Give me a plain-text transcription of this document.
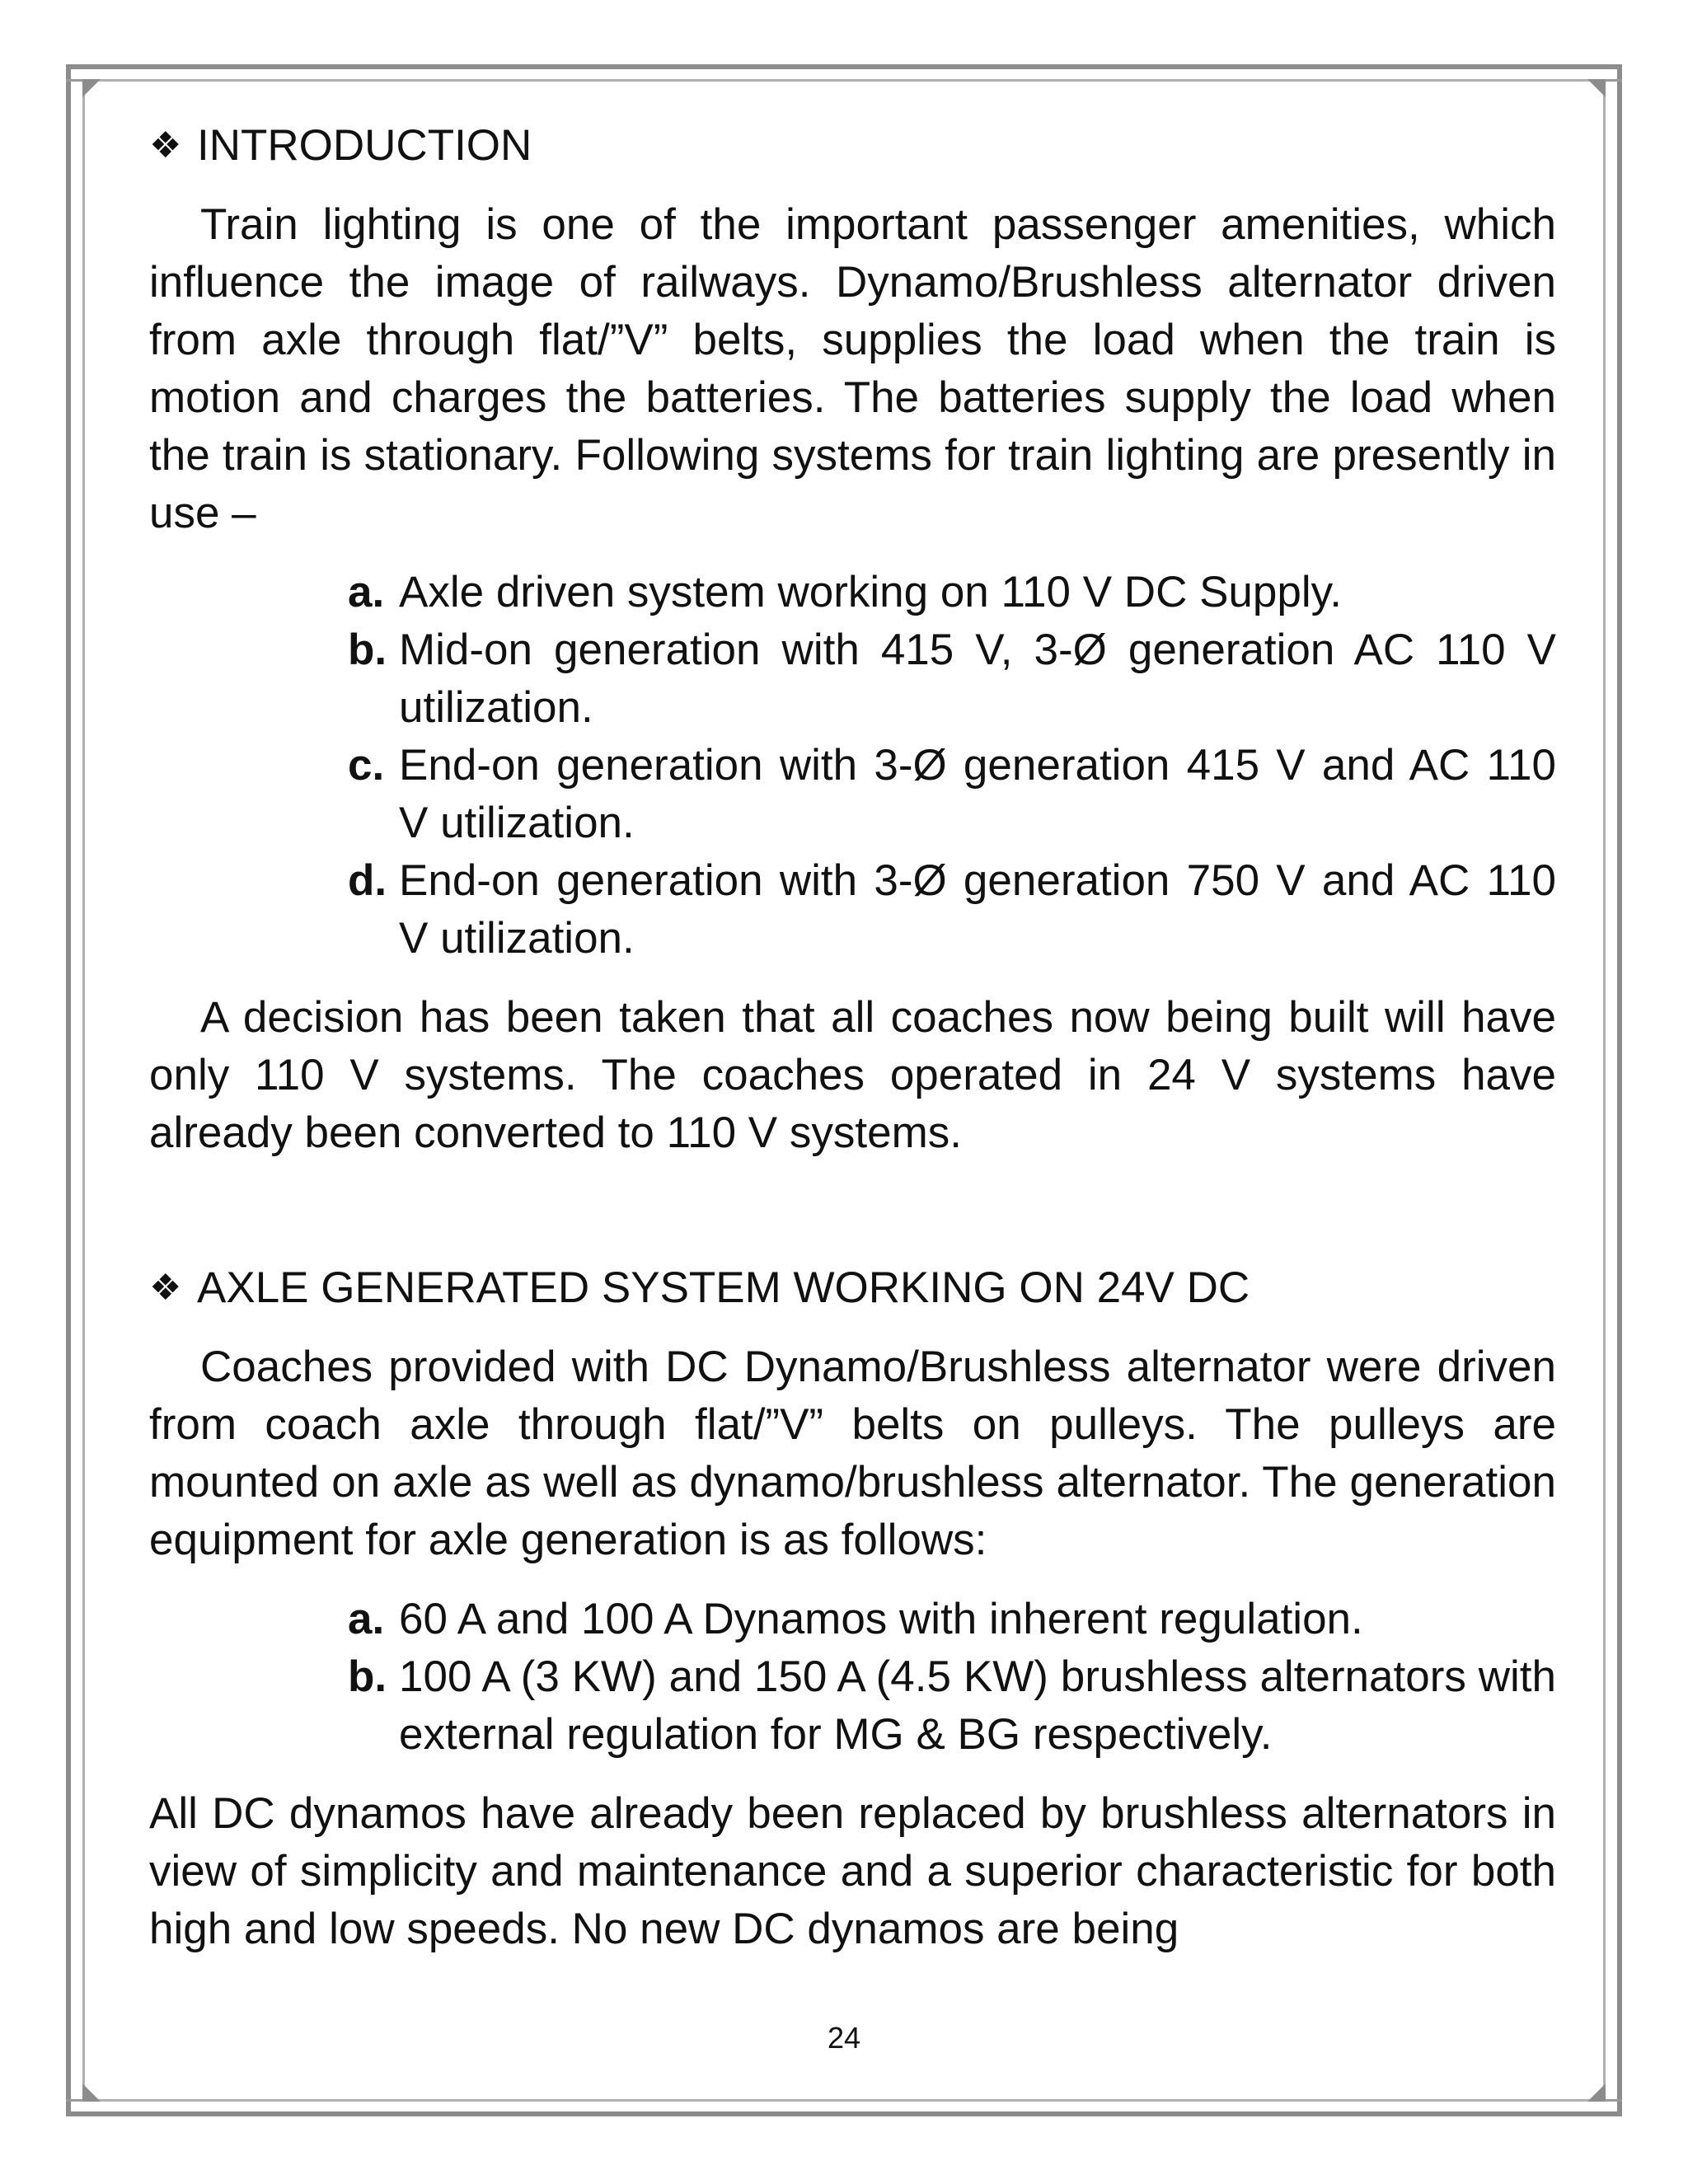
❖ INTRODUCTION

Train lighting is one of the important passenger amenities, which influence the image of railways. Dynamo/Brushless alternator driven from axle through flat/”V” belts, supplies the load when the train is motion and charges the batteries. The batteries supply the load when the train is stationary. Following systems for train lighting are presently in use –

a. Axle driven system working on 110 V DC Supply.
b. Mid-on generation with 415 V, 3-Ø generation AC 110 V utilization.
c. End-on generation with 3-Ø generation 415 V and AC 110 V utilization.
d. End-on generation with 3-Ø generation 750 V and AC 110 V utilization.

A decision has been taken that all coaches now being built will have only 110 V systems. The coaches operated in 24 V systems have already been converted to 110 V systems.

❖ AXLE GENERATED SYSTEM WORKING ON 24V DC

Coaches provided with DC Dynamo/Brushless alternator were driven from coach axle through flat/”V” belts on pulleys. The pulleys are mounted on axle as well as dynamo/brushless alternator. The generation equipment for axle generation is as follows:

a. 60 A and 100 A Dynamos with inherent regulation.
b. 100 A (3 KW) and 150 A (4.5 KW) brushless alternators with external regulation for MG & BG respectively.

All DC dynamos have already been replaced by brushless alternators in view of simplicity and maintenance and a superior characteristic for both high and low speeds. No new DC dynamos are being

24
